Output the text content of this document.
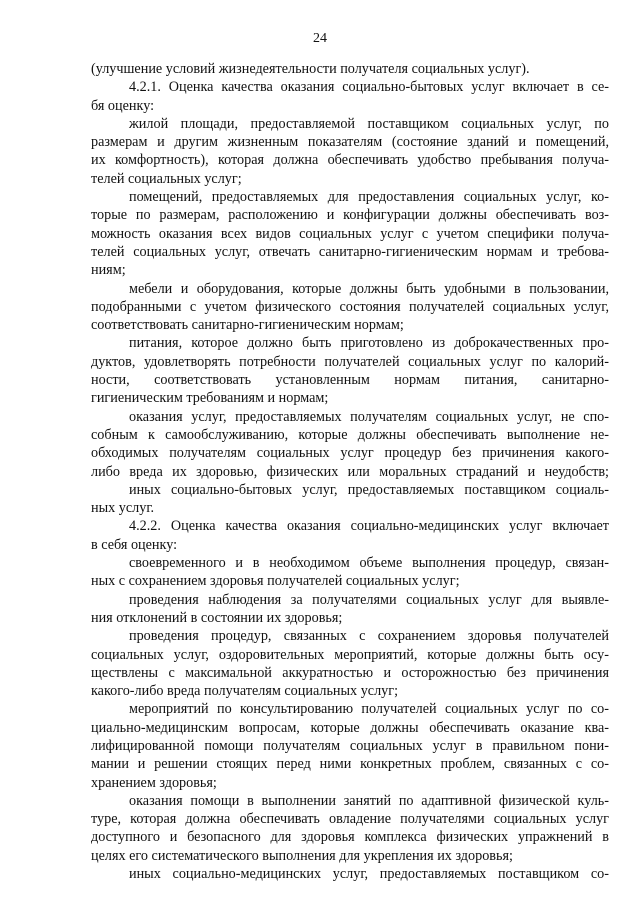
24
(улучшение условий жизнедеятельности получателя социальных услуг).
4.2.1. Оценка качества оказания социально-бытовых услуг включает в се-
бя оценку:
жилой площади, предоставляемой поставщиком социальных услуг, по
размерам и другим жизненным показателям (состояние зданий и помещений,
их комфортность), которая должна обеспечивать удобство пребывания получа-
телей социальных услуг;
помещений, предоставляемых для предоставления социальных услуг, ко-
торые по размерам, расположению и конфигурации должны обеспечивать воз-
можность оказания всех видов социальных услуг с учетом специфики получа-
телей социальных услуг, отвечать санитарно-гигиеническим нормам и требова-
ниям;
мебели и оборудования, которые должны быть удобными в пользовании,
подобранными с учетом физического состояния получателей социальных услуг,
соответствовать санитарно-гигиеническим нормам;
питания, которое должно быть приготовлено из доброкачественных про-
дуктов, удовлетворять потребности получателей социальных услуг по калорий-
ности, соответствовать установленным нормам питания, санитарно-
гигиеническим требованиям и нормам;
оказания услуг, предоставляемых получателям социальных услуг, не спо-
собным к самообслуживанию, которые должны обеспечивать выполнение не-
обходимых получателям социальных услуг процедур без причинения какого-
либо вреда их здоровью, физических или моральных страданий и неудобств;
иных социально-бытовых услуг, предоставляемых поставщиком социаль-
ных услуг.
4.2.2. Оценка качества оказания социально-медицинских услуг включает
в себя оценку:
своевременного и в необходимом объеме выполнения процедур, связан-
ных с сохранением здоровья получателей социальных услуг;
проведения наблюдения за получателями социальных услуг для выявле-
ния отклонений в состоянии их здоровья;
проведения процедур, связанных с сохранением здоровья получателей
социальных услуг, оздоровительных мероприятий, которые должны быть осу-
ществлены с максимальной аккуратностью и осторожностью без причинения
какого-либо вреда получателям социальных услуг;
мероприятий по консультированию получателей социальных услуг по со-
циально-медицинским вопросам, которые должны обеспечивать оказание ква-
лифицированной помощи получателям социальных услуг в правильном пони-
мании и решении стоящих перед ними конкретных проблем, связанных с со-
хранением здоровья;
оказания помощи в выполнении занятий по адаптивной физической куль-
туре, которая должна обеспечивать овладение получателями социальных услуг
доступного и безопасного для здоровья комплекса физических упражнений в
целях его систематического выполнения для укрепления их здоровья;
иных социально-медицинских услуг, предоставляемых поставщиком со-
